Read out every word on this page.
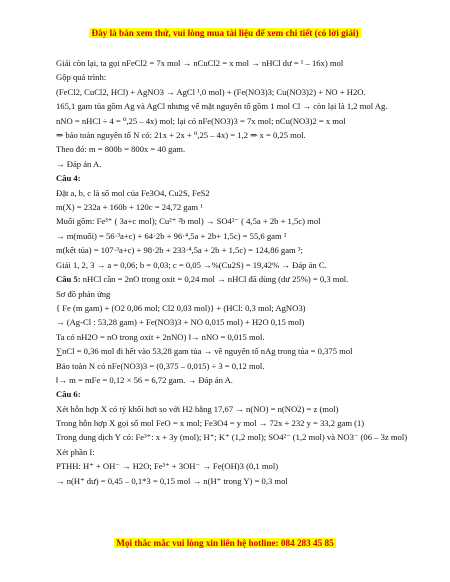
Đây là bản xem thử, vui lòng mua tài liệu để xem chi tiết (có lời giải)
Giải còn lại, ta gọi nFeCl2 = 7x mol → nCuCl2 = x mol → nHCl dư = ¹ – 16x) mol
Gộp quá trình:
(FeCl2, CuCl2, HCl) + AgNO3 → AgCl ¹,0 mol) + (Fe(NO3)3; Cu(NO3)2) + NO + H2O.
165,1 gam tủa gồm Ag và AgCl nhưng vế mặt nguyên tố gồm 1 mol Cl → còn lại là 1,2 mol Ag.
nNO = nHCl ÷ 4 = ⁰,25 – 4x) mol; lại có nFe(NO3)3 = 7x mol; nCu(NO3)2 = x mol
⇒ bảo toàn nguyên tố N có: 21x + 2x + ⁰,25 – 4x) = 1,2 ⇒ x = 0,25 mol.
Theo đó: m = 800b = 800x = 40 gam.
→ Đáp án A.
Câu 4:
Đặt a, b, c là số mol của Fe3O4, Cu2S, FeS2
m(X) = 232a + 160b + 120c = 24,72 gam ¹
Muối gồm: Fe³⁺ ( 3a+c mol); Cu²⁺ ²b mol) → SO4²⁻ ( 4,5a + 2b + 1,5c) mol
→ m(muối) = 56·³a+c) + 64·2b + 96·⁴,5a + 2b+ 1,5c) = 55,6 gam ²
m(kết tủa) = 107·³a+c) + 98·2b + 233·⁴,5a + 2b + 1,5c) = 124,86 gam ³;
Giải 1, 2, 3 → a = 0,06; b = 0,03; c = 0,05 →%(Cu2S) = 19,42% → Đáp án C.
Câu 5: nHCl cần = 2nO trong oxit = 0,24 mol → nHCl đã dùng (dư 25%) = 0,3 mol.
Sơ đồ phản ứng
{ Fe (m gam) + (O2 0,06 mol; Cl2 0,03 mol)} + (HCl: 0,3 mol; AgNO3)
→ (Ag-Cl : 53,28 gam) + Fe(NO3)3 + NO 0,015 mol) + H2O 0,15 mol)
Ta có nH2O = nO trong oxit + 2nNO) ‖→ nNO = 0,015 mol.
∑nCl = 0,36 mol đi hết vào 53,28 gam tủa → về nguyên tố nAg trong tủa = 0,375 mol
Bảo toàn N có nFe(NO3)3 = (0,375 – 0,015) ÷ 3 = 0,12 mol.
‖→ m = mFe = 0,12 × 56 = 6,72 gam. → Đáp án A.
Câu 6:
Xét hỗn hợp X có tỷ khối hơi so với H2 bằng 17,67 → n(NO) = n(NO2) = z (mol)
Trong hỗn hợp X gọi số mol FeO = x mol; Fe3O4 = y mol → 72x + 232 y = 33,2 gam (1)
Trong dung dịch Y có: Fe³⁺: x + 3y (mol); H⁺; K⁺ (1,2 mol); SO4²⁻ (1,2 mol) và NO3⁻ (06 – 3z mol)
Xét phần I:
PTHH: H⁺ + OH⁻ → H2O; Fe³⁺ + 3OH⁻ → Fe(OH)3 (0,1 mol)
→ n(H⁺ dư) = 0,45 – 0,1*3 = 0,15 mol → n(H⁺ trong Y) = 0,3 mol
Mọi thắc mắc vui lòng xin liên hệ hotline: 084 283 45 85
